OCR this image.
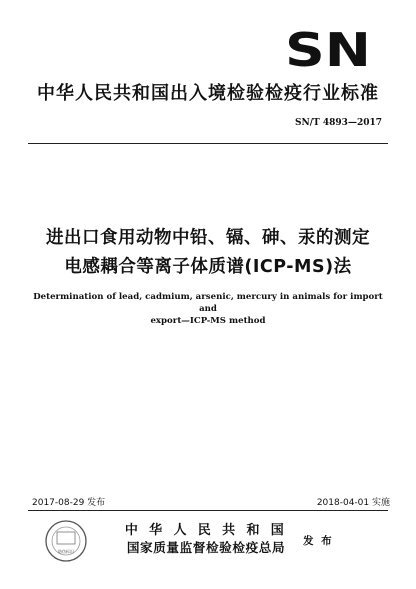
SN
中华人民共和国出入境检验检疫行业标准
SN/T 4893—2017
进出口食用动物中铅、镉、砷、汞的测定
电感耦合等离子体质谱(ICP-MS)法
Determination of lead, cadmium, arsenic, mercury in animals for import and
export—ICP-MS method
2017-08-29 发布	2018-04-01 实施
防伪标识
中 华 人 民 共 和 国
国家质量监督检验检疫总局	发 布
